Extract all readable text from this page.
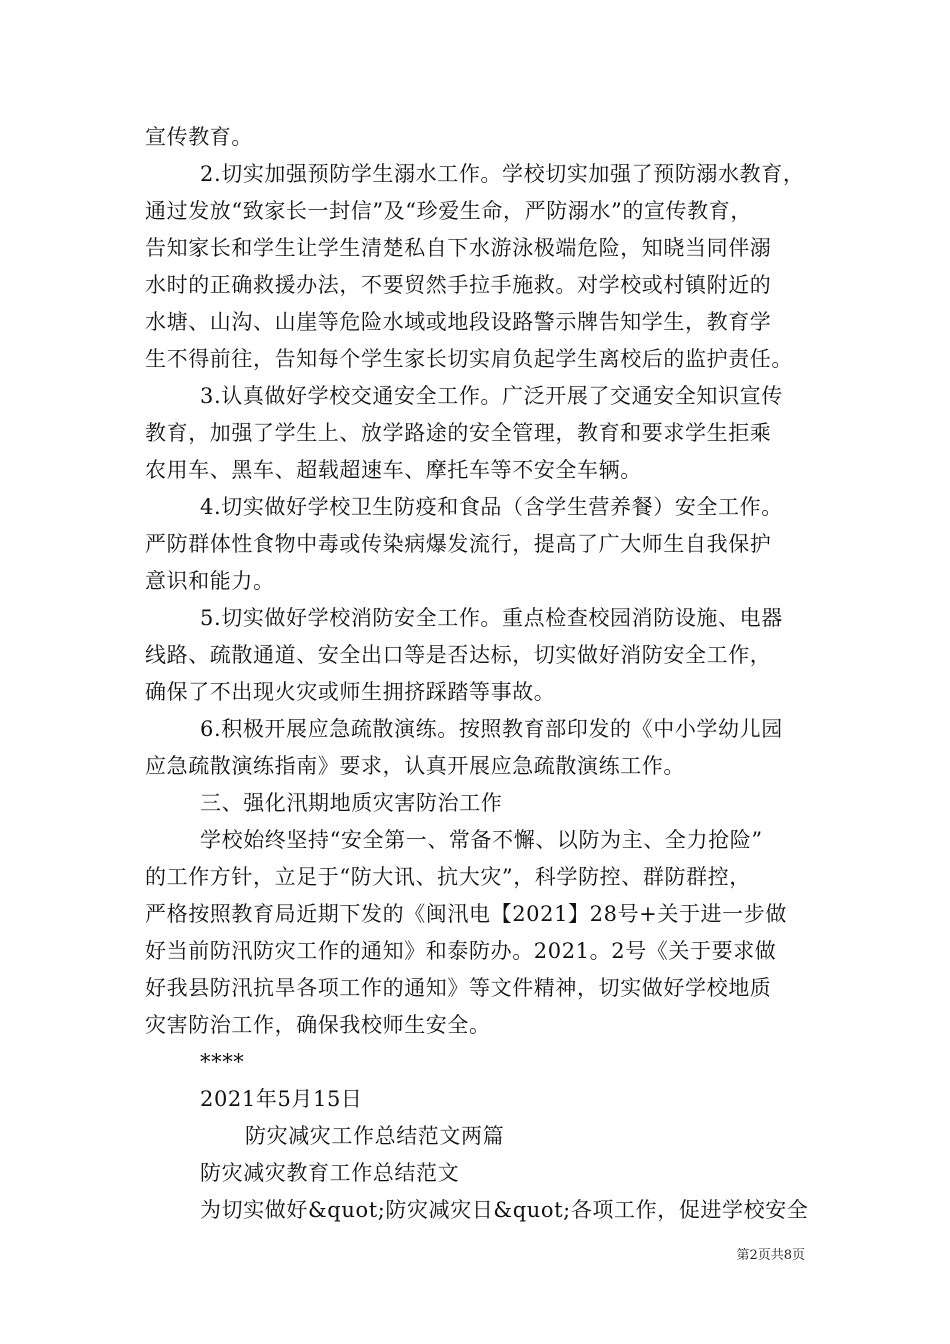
宣传教育。
2.切实加强预防学生溺水工作。学校切实加强了预防溺水教育，
通过发放“致家长一封信”及“珍爱生命，严防溺水”的宣传教育，
告知家长和学生让学生清楚私自下水游泳极端危险，知晓当同伴溺
水时的正确救援办法，不要贸然手拉手施救。对学校或村镇附近的
水塘、山沟、山崖等危险水域或地段设路警示牌告知学生，教育学
生不得前往，告知每个学生家长切实肩负起学生离校后的监护责任。
3.认真做好学校交通安全工作。广泛开展了交通安全知识宣传
教育，加强了学生上、放学路途的安全管理，教育和要求学生拒乘
农用车、黑车、超载超速车、摩托车等不安全车辆。
4.切实做好学校卫生防疫和食品（含学生营养餐）安全工作。
严防群体性食物中毒或传染病爆发流行，提高了广大师生自我保护
意识和能力。
5.切实做好学校消防安全工作。重点检查校园消防设施、电器
线路、疏散通道、安全出口等是否达标，切实做好消防安全工作，
确保了不出现火灾或师生拥挤踩踏等事故。
6.积极开展应急疏散演练。按照教育部印发的《中小学幼儿园
应急疏散演练指南》要求，认真开展应急疏散演练工作。
三、强化汛期地质灾害防治工作
学校始终坚持“安全第一、常备不懈、以防为主、全力抢险”
的工作方针，立足于“防大讯、抗大灾”，科学防控、群防群控，
严格按照教育局近期下发的《闽汛电【2021】28号+关于进一步做
好当前防汛防灾工作的通知》和泰防办。2021。2号《关于要求做
好我县防汛抗旱各项工作的通知》等文件精神，切实做好学校地质
灾害防治工作，确保我校师生安全。
****
2021年5月15日
防灾减灾工作总结范文两篇
防灾减灾教育工作总结范文
为切实做好&quot;防灾减灾日&quot;各项工作，促进学校安全
第2页共8页
